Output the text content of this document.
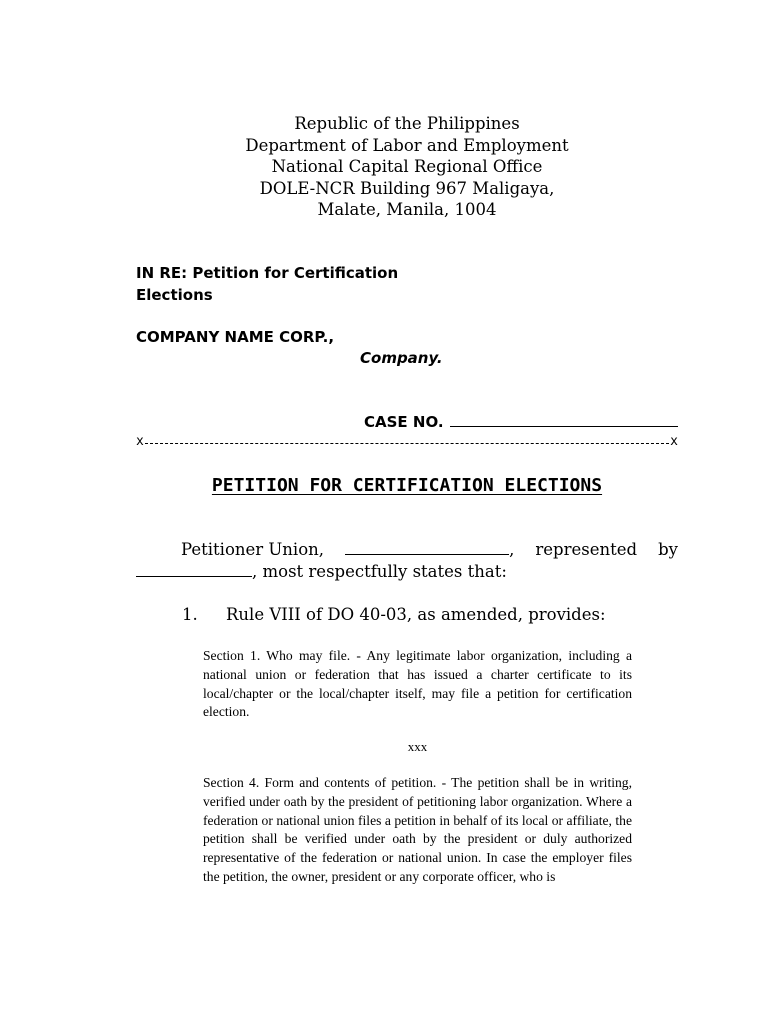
Republic of the Philippines
Department of Labor and Employment
National Capital Regional Office
DOLE-NCR Building 967 Maligaya,
Malate, Manila, 1004
IN RE: Petition for Certification
Elections
COMPANY NAME CORP.,
Company.
CASE NO.
x	x
PETITION FOR CERTIFICATION ELECTIONS
Petitioner Union,	, represented by
, most respectfully states that:
1. Rule VIII of DO 40-03, as amended, provides:
Section 1. Who may file. - Any legitimate labor organization, including a national union or federation that has issued a charter certificate to its local/chapter or the local/chapter itself, may file a petition for certification election.
xxx
Section 4. Form and contents of petition. - The petition shall be in writing, verified under oath by the president of petitioning labor organization. Where a federation or national union files a petition in behalf of its local or affiliate, the petition shall be verified under oath by the president or duly authorized representative of the federation or national union. In case the employer files the petition, the owner, president or any corporate officer, who is
